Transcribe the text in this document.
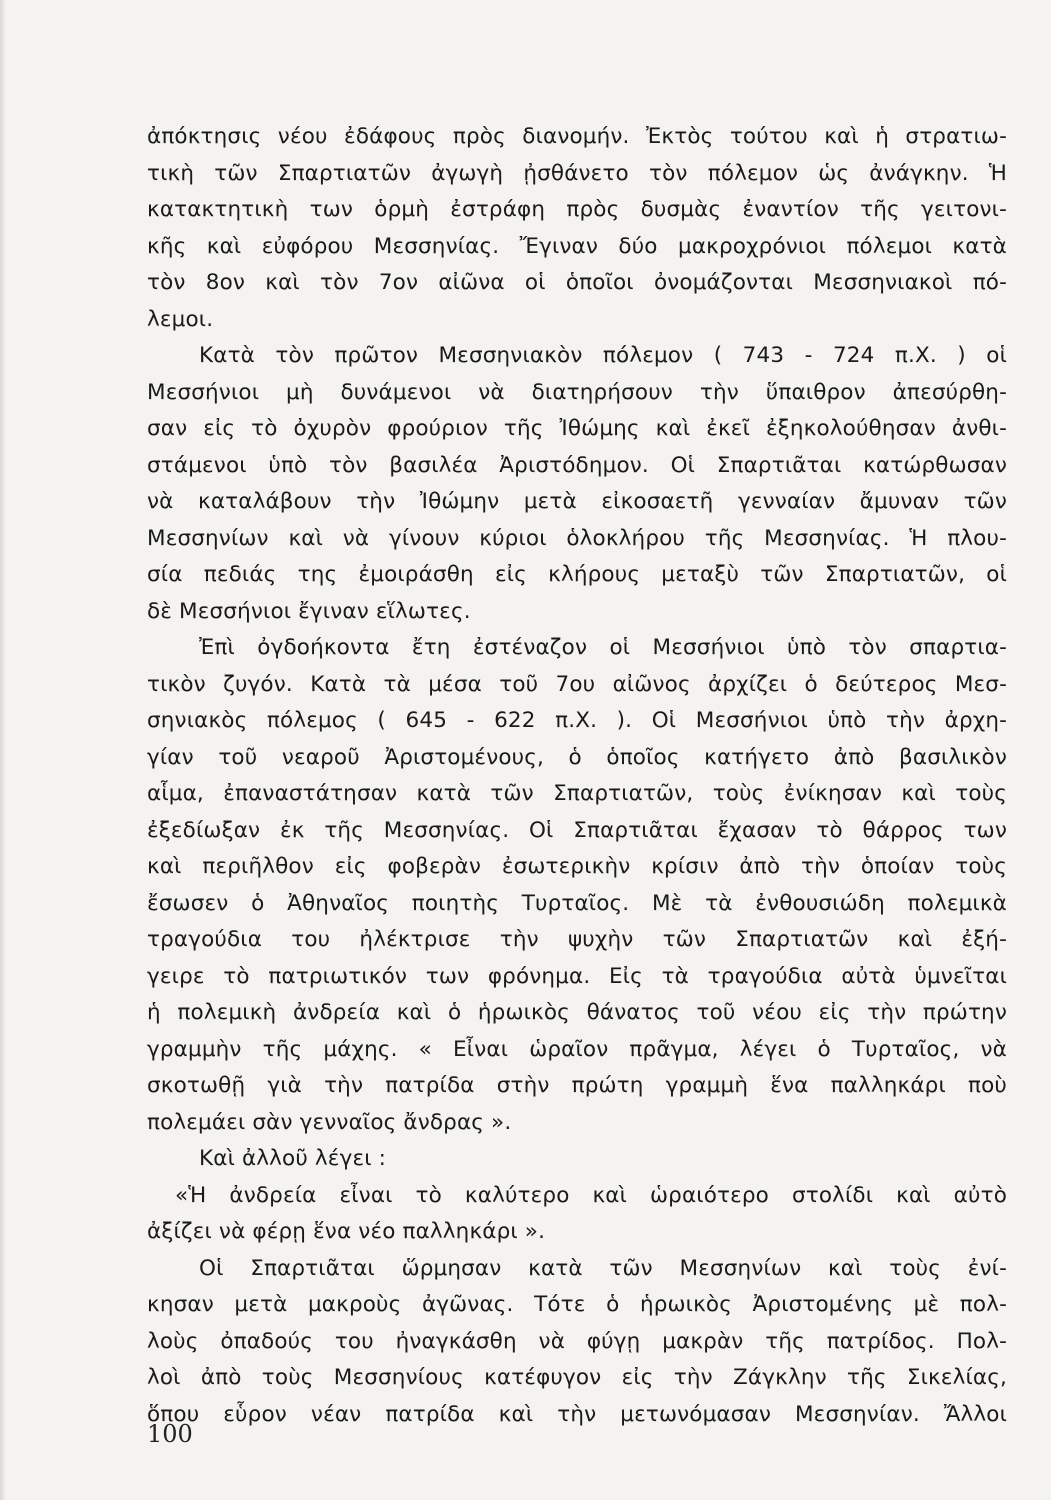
ἀπόκτησις νέου ἐδάφους πρὸς διανομήν. Ἐκτὸς τούτου καὶ ἡ στρατιω-
τικὴ τῶν Σπαρτιατῶν ἀγωγὴ ᾐσθάνετο τὸν πόλεμον ὡς ἀνάγκην. Ἡ
κατακτητικὴ των ὁρμὴ ἐστράφη πρὸς δυσμὰς ἐναντίον τῆς γειτονι-
κῆς καὶ εὐφόρου Μεσσηνίας. Ἔγιναν δύο μακροχρόνιοι πόλεμοι κατὰ
τὸν 8ον καὶ τὸν 7ον αἰῶνα οἱ ὁποῖοι ὀνομάζονται Μεσσηνιακοὶ πό-
λεμοι.
Κατὰ τὸν πρῶτον Μεσσηνιακὸν πόλεμον ( 743 - 724 π.Χ. ) οἱ
Μεσσήνιοι μὴ δυνάμενοι νὰ διατηρήσουν τὴν ὕπαιθρον ἀπεσύρθη-
σαν εἰς τὸ ὀχυρὸν φρούριον τῆς Ἰθώμης καὶ ἐκεῖ ἐξηκολούθησαν ἀνθι-
στάμενοι ὑπὸ τὸν βασιλέα Ἀριστόδημον. Οἱ Σπαρτιᾶται κατώρθωσαν
νὰ καταλάβουν τὴν Ἰθώμην μετὰ εἰκοσαετῆ γενναίαν ἄμυναν τῶν
Μεσσηνίων καὶ νὰ γίνουν κύριοι ὁλοκλήρου τῆς Μεσσηνίας. Ἡ πλου-
σία πεδιάς της ἐμοιράσθη εἰς κλήρους μεταξὺ τῶν Σπαρτιατῶν, οἱ
δὲ Μεσσήνιοι ἔγιναν εἵλωτες.
Ἐπὶ ὀγδοήκοντα ἔτη ἐστέναζον οἱ Μεσσήνιοι ὑπὸ τὸν σπαρτια-
τικὸν ζυγόν. Κατὰ τὰ μέσα τοῦ 7ου αἰῶνος ἀρχίζει ὁ δεύτερος Μεσ-
σηνιακὸς πόλεμος ( 645 - 622 π.Χ. ). Οἱ Μεσσήνιοι ὑπὸ τὴν ἀρχη-
γίαν τοῦ νεαροῦ Ἀριστομένους, ὁ ὁποῖος κατήγετο ἀπὸ βασιλικὸν
αἷμα, ἐπαναστάτησαν κατὰ τῶν Σπαρτιατῶν, τοὺς ἐνίκησαν καὶ τοὺς
ἐξεδίωξαν ἐκ τῆς Μεσσηνίας. Οἱ Σπαρτιᾶται ἔχασαν τὸ θάρρος των
καὶ περιῆλθον εἰς φοβερὰν ἐσωτερικὴν κρίσιν ἀπὸ τὴν ὁποίαν τοὺς
ἔσωσεν ὁ Ἀθηναῖος ποιητὴς Τυρταῖος. Μὲ τὰ ἐνθουσιώδη πολεμικὰ
τραγούδια του ἠλέκτρισε τὴν ψυχὴν τῶν Σπαρτιατῶν καὶ ἐξή-
γειρε τὸ πατριωτικόν των φρόνημα. Εἰς τὰ τραγούδια αὐτὰ ὑμνεῖται
ἡ πολεμικὴ ἀνδρεία καὶ ὁ ἡρωικὸς θάνατος τοῦ νέου εἰς τὴν πρώτην
γραμμὴν τῆς μάχης. « Εἶναι ὡραῖον πρᾶγμα, λέγει ὁ Τυρταῖος, νὰ
σκοτωθῇ γιὰ τὴν πατρίδα στὴν πρώτη γραμμὴ ἕνα παλληκάρι ποὺ
πολεμάει σὰν γενναῖος ἄνδρας ».
Καὶ ἀλλοῦ λέγει :
«Ἡ ἀνδρεία εἶναι τὸ καλύτερο καὶ ὡραιότερο στολίδι καὶ αὐτὸ
ἀξίζει νὰ φέρῃ ἕνα νέο παλληκάρι ».
Οἱ Σπαρτιᾶται ὥρμησαν κατὰ τῶν Μεσσηνίων καὶ τοὺς ἐνί-
κησαν μετὰ μακροὺς ἀγῶνας. Τότε ὁ ἡρωικὸς Ἀριστομένης μὲ πολ-
λοὺς ὀπαδούς του ἠναγκάσθη νὰ φύγῃ μακρὰν τῆς πατρίδος. Πολ-
λοὶ ἀπὸ τοὺς Μεσσηνίους κατέφυγον εἰς τὴν Ζάγκλην τῆς Σικελίας,
ὅπου εὗρον νέαν πατρίδα καὶ τὴν μετωνόμασαν Μεσσηνίαν. Ἄλλοι
100
